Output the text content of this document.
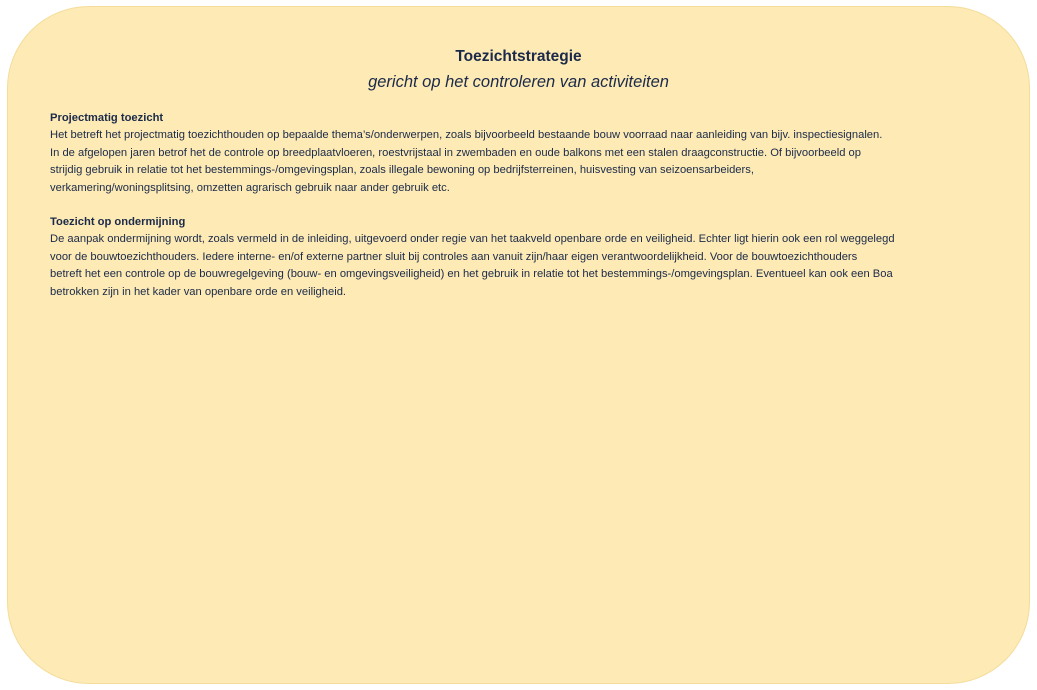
Toezichtstrategie
gericht op het controleren van activiteiten
Projectmatig toezicht

Het betreft het projectmatig toezichthouden op bepaalde thema’s/onderwerpen, zoals bijvoorbeeld bestaande bouw voorraad naar aanleiding van bijv. inspectiesignalen.

In de afgelopen jaren betrof het de controle op breedplaatvloeren, roestvrijstaal in zwembaden en oude balkons met een stalen draagconstructie. Of bijvoorbeeld op

strijdig gebruik in relatie tot het bestemmings-/omgevingsplan, zoals illegale bewoning op bedrijfsterreinen, huisvesting van seizoensarbeiders,

verkamering/woningsplitsing, omzetten agrarisch gebruik naar ander gebruik etc.

Toezicht op ondermijning

De aanpak ondermijning wordt, zoals vermeld in de inleiding, uitgevoerd onder regie van het taakveld openbare orde en veiligheid. Echter ligt hierin ook een rol weggelegd

voor de bouwtoezichthouders. Iedere interne- en/of externe partner sluit bij controles aan vanuit zijn/haar eigen verantwoordelijkheid. Voor de bouwtoezichthouders

betreft het een controle op de bouwregelgeving (bouw- en omgevingsveiligheid) en het gebruik in relatie tot het bestemmings-/omgevingsplan. Eventueel kan ook een Boa

betrokken zijn in het kader van openbare orde en veiligheid.
